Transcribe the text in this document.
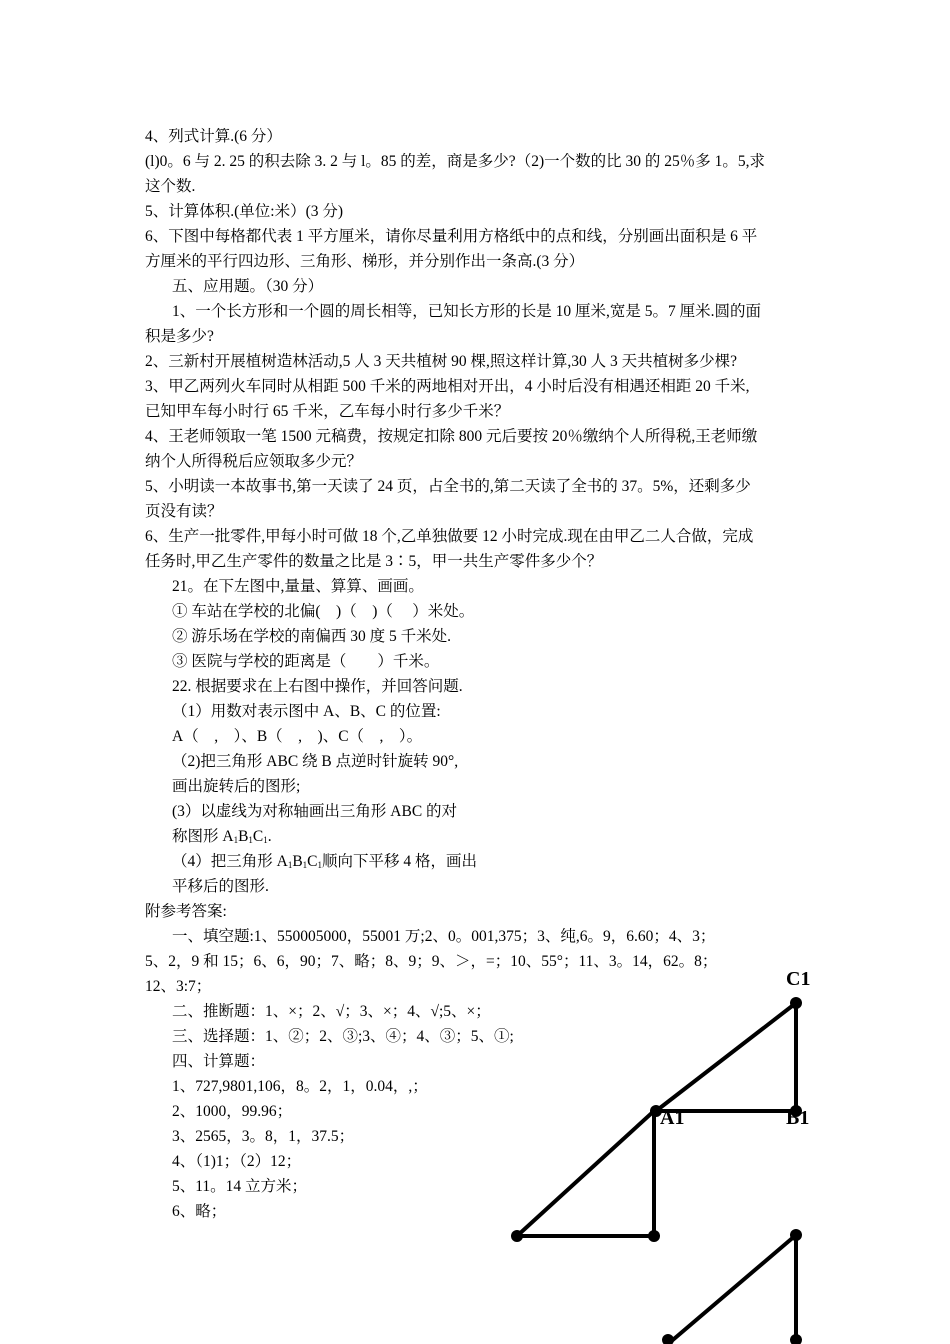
4、列式计算.(6 分）
(l)0。6 与 2. 25 的积去除 3. 2 与 l。85 的差，商是多少?（2)一个数的比 30 的 25％多 1。5,求
这个数.
5、计算体积.(单位:米）(3 分)
6、下图中每格都代表 1 平方厘米，请你尽量利用方格纸中的点和线，分别画出面积是 6 平
方厘米的平行四边形、三角形、梯形，并分别作出一条高.(3 分）
五、应用题。（30 分）
1、一个长方形和一个圆的周长相等，已知长方形的长是 10 厘米,宽是 5。7 厘米.圆的面
积是多少?
2、三新村开展植树造林活动,5 人 3 天共植树 90 棵,照这样计算,30 人 3 天共植树多少棵?
3、甲乙两列火车同时从相距 500 千米的两地相对开出，4 小时后没有相遇还相距 20 千米,
已知甲车每小时行 65 千米，乙车每小时行多少千米？
4、王老师领取一笔 1500 元稿费，按规定扣除 800 元后要按 20％缴纳个人所得税,王老师缴
纳个人所得税后应领取多少元？
5、小明读一本故事书,第一天读了 24 页，占全书的,第二天读了全书的 37。5%，还剩多少
页没有读？
6、生产一批零件,甲每小时可做 18 个,乙单独做要 12 小时完成.现在由甲乙二人合做，完成
任务时,甲乙生产零件的数量之比是 3∶5，甲一共生产零件多少个？
21。在下左图中,量量、算算、画画。
① 车站在学校的北偏(　)（　)（　 ）米处。
② 游乐场在学校的南偏西 30 度 5 千米处.
③ 医院与学校的距离是（　　）千米。
22. 根据要求在上右图中操作，并回答问题.
（1）用数对表示图中 A、B、C 的位置:
A（　,　）、B（　,　)、C（　,　）。
（2)把三角形 ABC 绕 B 点逆时针旋转 90°,
画出旋转后的图形;
(3）以虚线为对称轴画出三角形 ABC 的对
称图形 $A_1B_1C_1$.
（4）把三角形 $A_1B_1C_1$顺向下平移 4 格，画出
平移后的图形.
附参考答案:
一、填空题:1、550005000，55001 万;2、0。001,375；3、纯,6。9，6.60；4、3；
5、2，9 和 15；6、6，90；7、略；8、9；9、＞，=；10、55°；11、3。14，62。8；
12、3:7；
二、推断题：1、×；2、√；3、×；4、√;5、×；
三、选择题：1、②；2、③;3、④；4、③；5、①;
四、计算题：
1、727,9801,106，8。2，1，0.04，,；
2、1000，99.96；
3、2565，3。8，1，37.5；
4、（1)1；（2）12；
5、11。14 立方米；
6、略；
C1
A1	B1
